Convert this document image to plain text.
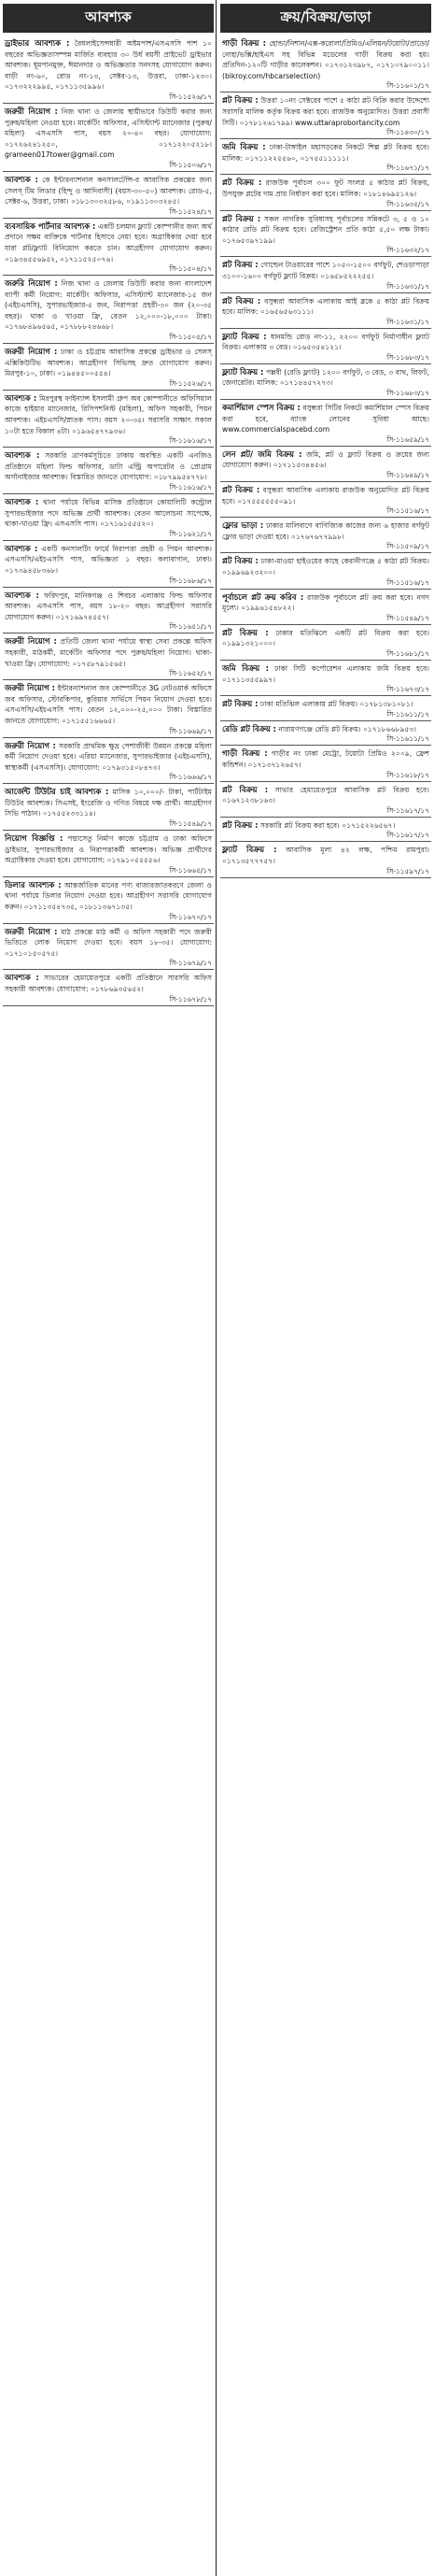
আবশ্যক
ড্রাইভার আবশ্যক : বৈধলাইসেন্সধারী অষ্টমপাশ/এসএসসি পাশ ১০ বছরের অভিজ্ঞতাসম্পন্ন মার্জিত ব্যবহার ৩০ উর্ধ বয়সী প্রাইভেট ড্রাইভার আবশ্যক। ধূমপানমুক্ত, ঈমানদার ও অভিজ্ঞতার সনদসহ যোগাযোগ করুন। বাড়ী নং-৬০, রোড নং-১৩, সেক্টর-১৩, উত্তরা, ঢাকা-১২৩০। ০১৭৩২২২৯৯৫, ০১৭১১৩৫৯৯৬।
সি-১১৫২৬/১৭
জরুরী নিয়োগ : নিজ থানা ও জেলায় স্থায়ীভাবে ডিউটি করার জন্য পুরুষ/মহিলা নেওয়া হবে। মার্কেটিং অফিসার, এসিস্ট্যান্ট ম্যানেজার (পুরুষ/মহিলা) এসএসসি পাস, বয়স ২০-৪০ বছর। যোগাযোগ: ০১৭২৬২৪১২৫০, ০১৭১২২০৫২১৮। grameen017tower@gmail.com
সি-১১৫০৬/১৭
আবশ্যক : কে ইন্টারন্যাশনাল কনসালটেন্সি-র আবাসিক প্রকল্পের জন্য সেলস্ টিম লিডার (হিন্দু ও আদিবাসী) (বয়স-৩০-৫০) আবশ্যক। রোড-৫, সেক্টর-৬, উত্তরা, ঢাকা। ০১৮১৩০৩২৫৮৬, ০১৯১১৩০৩২৪৫।
সি-১১৫২৪/১৭
ব্যবসায়িক পার্টনার আবশ্যক : একটি চলমান ফ্ল্যাট কোম্পানীর জন্য অর্থ প্রদানে সক্ষম ব্যক্তিকে পার্টনার হিসাবে নেয়া হবে। অগ্রাধিকার দেয়া হবে যারা প্লট/ফ্ল্যাট বিনিয়োগ করতে চান। আগ্রহীগণ যোগাযোগ করুন। ০১৯৩৪৫৫৬৯৫২, ০১৭১১৫২৫০৭৬।
সি-১১৫০৪/১৭
জরুরি নিয়োগ : নিজ থানা ও জেলায় ডিউটি করার জন্য বাংলাদেশ ব্যাপী কর্মী নিয়োগ: মার্কেটিং অফিসার, এসিস্ট্যান্ট ম্যানেজার-১৫ জন (এইচএসসি), সুপারভাইজার-৫ জন, নিরাপত্তা প্রহরী-৩০ জন (২০-৩৫ বছর)। থাকা ও খাওয়া ফ্রি, বেতন ১২,০০০-১৮,০০০ টাকা। ০১৭৬৮৪৯৬৫৬৫, ০১৭৮৮৮২৪৬৬৮।
সি-১১৫০৫/১৭
জরুরী নিয়োগ : ঢাকা ও চট্টগ্রাম আবাসিক প্রকল্পে ড্রাইভার ও সেলস্ এক্সিকিউটিভ আবশ্যক। আগ্রহীগণ সিভিসহ দ্রুত যোগাযোগ করুন। মিরপুর-১০, ঢাকা। ০১৯৪৪৫০০৫৫৪।
সি-১১৫২৬/১৭
আবশ্যক : মিরপুরস্থ ফাইন্যান্স ইসলামী গ্রুপ অব কোম্পানীতে অফিসিয়াল কাজে হাইয়ার ম্যানেজার, রিসিপশনিস্ট (মহিলা), অফিস সহকারী, পিয়ন আবশ্যক। এইচএসসি/স্নাতক পাস। বয়স ২০-৩৫। সরাসরি সাক্ষাৎ সকাল ১০টা হতে বিকাল ৪টা। ০১৯৬৫৪৭৭৯৩৬।
সি-১১৬১৬/১৭
আবশ্যক : সরকারি ত্রাণকর্মসূচিতে ঢাকায় অবস্থিত একটি এনজিও প্রতিষ্ঠানে মহিলা ফিল্ড অফিসার, ডাটা এন্ট্রি অপারেটর ও প্রোগ্রাম অর্গানাইজার আবশ্যক। বিস্তারিত জানতে যোগাযোগ: ০১৮৭৯৯৫৪৭৭৮।
সি-১১৬১৬/১৭
আবশ্যক : থানা পর্যায়ে বিভিন্ন মাসিক প্রতিষ্ঠানে কোয়ালিটি কন্ট্রোল সুপারভাইজার পদে অভিজ্ঞ প্রার্থী আবশ্যক। বেতন আলোচনা সাপেক্ষে, থাকা-খাওয়া ফ্রি। এসএসসি পাস। ০১৭১৬১৫৫৫২০।
সি-১১৬২১/১৭
আবশ্যক : একটি কনসালটিং ফার্মে নিরাপত্তা প্রহরী ও পিয়ন আবশ্যক। এসএসসি/এইচএসসি পাস, অভিজ্ঞতা ১ বছর। কলাবাগান, ঢাকা। ০১৭৩৯৪৫৮৩৬৮।
সি-১১৬৮৬/১৭
আবশ্যক : ফরিদপুর, মানিকগঞ্জ ও শিবচর এলাকায় ফিল্ড অফিসার আবশ্যক। এসএসসি পাস, বয়স ১৮-২০ বছর। আগ্রহীগণ সরাসরি যোগাযোগ করুন। ০১৭১৬৯৭৪৫৫৭।
সি-১১৬৫১/১৭
জরুরী নিয়োগ : প্রতিটি জেলা থানা পর্যায়ে স্বাস্থ্য সেবা প্রকল্পে অফিস সহকারী, মাঠকর্মী, মার্কেটিং অফিসার পদে পুরুষ/মহিলা নিয়োগ। থাকা-খাওয়া ফ্রি। যোগাযোগ: ০১৭৫৮৭৯১৫৬৫।
সি-১১৬৫২/১৭
জরুরী নিয়োগ : ইন্টারন্যাশনাল জব কোম্পানীতে 3G নেটওয়ার্ক অফিসে জব অফিসার, স্টোরকিপার, কুরিয়ার সার্ভিসে পিয়ন নিয়োগ দেওয়া হবে। এসএসসি/এইচএসসি পাস। বেতন ১২,০০০-২৫,০০০ টাকা। বিস্তারিত জানতে যোগাযোগ: ০১৭১৫৫১৬৬৬৫।
সি-১১৬৬৯/১৭
জরুরী নিয়োগ : সরকারি প্রাথমিক ক্ষুদ্র পেশাজীবী উন্নয়ন প্রকল্পে মহিলা কর্মী নিয়োগ দেওয়া হবে। এরিয়া ম্যানেজার, সুপারভাইজার (এইচএসসি), স্বাস্থ্যকর্মী (এসএসসি)। যোগাযোগ: ০১৭৯৩১৫০৮৪৭৩।
সি-১১৬৬৬/১৭
আর্জেন্ট টিউটর চাই আবশ্যক : মাসিক ১০,০০০/- টাকা, পার্টটাইম টিউটর আবশ্যক। সিএসই, ইংরেজি ও গণিত বিষয়ে দক্ষ প্রার্থী। আগ্রহীগণ সিভি পাঠান। ০১৭৫৫২৩৩১১৪।
সি-১১৫৪৯/১৭
নিয়োগ বিজ্ঞপ্তি : পদ্মাসেতু নির্মাণ কাজে চট্টগ্রাম ও ঢাকা অফিসে ড্রাইভার, সুপারভাইজার ও নিরাপত্তাকর্মী আবশ্যক। অভিজ্ঞ প্রার্থীদের অগ্রাধিকার দেওয়া হবে। যোগাযোগ: ০১৭৯১০৫৫৫৫৬।
সি-১১৬৬৫/১৭
ডিলার আবশ্যক : আন্তর্জাতিক মানের পণ্য বাজারজাতকরণে জেলা ও থানা পর্যায়ে ডিলার নিয়োগ দেওয়া হবে। আগ্রহীগণ সরাসরি যোগাযোগ করুন। ০১৭১১৩৫৪৭৩৫, ০১৮১১৩৬৭১৩৫।
সি-১১৬৭০/১৭
জরুরী নিয়োগ : মাঠ প্রকল্পে মাঠ কর্মী ও অফিস সহকারী পদে জরুরী ভিত্তিতে লোক নিয়োগ দেওয়া হবে। বয়স ১৮-৩৫। যোগাযোগ: ০১৭১০১৫০৫৭৫।
সি-১১৬৭৯/১৭
আবশ্যক : সাভারের হেমায়েতপুরে একটি প্রতিষ্ঠানে সারসরি অফিস সহকারী আবশ্যক। যোগাযোগ: ০১৭৮৬৯৩৫৬৫২।
সি-১১৬৭৮/১৭
ক্রয়/বিক্রয়/ভাড়া
গাড়ী বিক্রয় : হোন্ডা/নিশান/এক্স-করোলা/প্রিমিও/এলিয়ন/টয়োটা/প্রাডো/নোহা/ভক্সি/হাইএস সহ বিভিন্ন মডেলের গাড়ী বিক্রয় করা হয়। প্রতিদিন-১২০টি গাড়ীর কালেকশন। ০১৭৩১২৩৯৮৭, ০১৭১০৭৯০০১১। (bikroy.com/hbcarselection)
সি-১১৬০১/১৭
প্লট বিক্রয় : উত্তরা ১০নং সেক্টরের পাশে ৫ কাঠা প্লট বিক্রি করার উদ্দেশ্যে সরাসরি মালিক কর্তৃক বিক্রয় করা হবে। রাজউক অনুমোদিত। উত্তরা প্রবাসী সিটি। ০১৭৮১২৬১৭৯৯। www.uttaraprobortancity.com
সি-১১৪৩০/১৭
জমি বিক্রয় : ঢাকা-টাঙ্গাইল মহাসড়কের নিকটে শিল্প প্লট বিক্রয় হবে। মালিক: ০১৭১১২২৫৫৬০, ০১৭৫৫১১১১১।
সি-১১৬৭১/১৭
প্লট বিক্রয় : রাজউক পূর্বাচল ৩০০ ফুট সংলগ্ন ৫ কাঠার প্লট বিক্রয়, উপযুক্ত প্লটের দাম প্রায় নির্ধারণ করা হবে। মালিক: ০১৮১৪৬৯৫১২৬।
সি-১১৬৩৫/১৭
প্লট বিক্রয় : সকল নাগরিক সুবিধাসহ পূর্বাচলের সন্নিকটে ৩, ৫ ও ১০ কাঠার রেডি প্লট বিক্রয় হবে। রেজিস্ট্রেশন প্রতি কাঠা ৫,৫০ লক্ষ টাকা। ০১৭৬৫৩৯৭১৯৯।
সি-১১৬৩২/১৭
প্লট বিক্রয় : গোল্ডেন টাওয়ারের পাশে ১০৫০-১৫০০ বর্গফুট, শেওড়াপাড়া ৩১০০-১৬০০ বর্গফুট ফ্ল্যাট বিক্রয়। ০১৬৫৮৫২২২৫৫।
সি-১১৬৩১/১৭
প্লট বিক্রয় : বসুন্ধরা আবাসিক এলাকায় আই ব্লকে ৫ কাঠা প্লট বিক্রয় হবে। মালিক: ০১৬৫৬৫৬৩১১১।
সি-১১৬৩১/১৭
ফ্ল্যাট বিক্রয় : ধানমন্ডি রোড নং-১১, ২২০০ বর্গফুট নির্মাণাধীন ফ্ল্যাট বিক্রয়। এলাকায় ৩ বেড। ০১৬৫৩৫৪১২১।
সি-১১৬৮৩/১৭
ফ্ল্যাট বিক্রয় : পল্লবী (রেডি ফ্ল্যাট) ১২০০ বর্গফুট, ৩ বেড, ৩ বাথ, লিফট, জেনারেটর। মালিক: ০১৭১৪৪৫৭২৭৩।
সি-১১৬৮৩/১৭
কমার্শিয়াল স্পেস বিক্রয় : বসুন্ধরা সিটির নিকটে কমার্শিয়াল স্পেস বিক্রয় করা হবে, ব্যাংক লোনের সুবিধা আছে। www.commercialspacebd.com
সি-১১৬৫৯/১৭
লেন প্লট/ জমি বিক্রয় : জমি, প্লট ও ফ্ল্যাট বিক্রয় ও ক্রয়ের জন্য যোগাযোগ করুন। ০১৭১১৫৩৪৪৫৬।
সি-১১৬৪৯/১৭
প্লট বিক্রয় : বসুন্ধরা আবাসিক এলাকায় রাজউক অনুমোদিত প্লট বিক্রয় হবে। ০১৭৫৫৫৫৫৫০৯১।
সি-১১৫১৬/১৭
ফ্লোর ভাড়া : ঢাকার মালিবাগে বাণিজ্যিক কাজের জন্য ৬ হাজার বর্গফুট ফ্লোর ভাড়া দেওয়া হবে। ০১৭৬৭৬৭৭৯৯৮।
সি-১১৫০৯/১৭
প্লট বিক্রয় : ঢাকা-মাওয়া হাইওয়ের কাছে কেরানীগঞ্জে ৫ কাঠা প্লট বিক্রয়। ০১৯৯৬৯২৩২০০।
সি-১১৫১৬/১৭
পূর্বাচলে প্লট ক্রয় করিব : রাজউক পূর্বাচলে প্লট ক্রয় করা হবে। নগদ মূল্যে। ০১৯৯৬১৫৪৮২২।
সি-১১৫৪৯/১৭
প্লট বিক্রয় : ঢাকার মতিঝিলে একটি প্লট বিক্রয় করা হবে। ০১৯৯১৩২১০০০।
সি-১১৬৮১/১৭
জমি বিক্রয় : ঢাকা সিটি কর্পোরেশন এলাকায় জমি বিক্রয় হবে। ০১৭১১৩৫৫৯৯৭।
সি-১১৬৭৩/১৭
প্লট বিক্রয় : ঢাকা মতিঝিল এলাকায় প্লট বিক্রয়। ০১৭৮১৩৮১০৮১।
সি-১১৬১১/১৭
রেডি প্লট বিক্রয় : নারায়ণগঞ্জে রেডি প্লট বিক্রয়। ০১৭১৮৬৬৮৯৫৩।
সি-১১৬১১/১৭
গাড়ী বিক্রয় : গাড়ীর নং ঢাকা মেট্রো, টয়োটা প্রিমিও ২০০৯, ফ্রেশ কন্ডিশন। ০১৭১৩৭১২৬৫৭।
সি-১১৬১৮/১৭
প্লট বিক্রয় : সাভার হেমায়েতপুরে আবাসিক প্লট বিক্রয় হবে। ০১৬৭১২৩৮১৬৩।
সি-১১৬১৭/১৭
প্লট বিক্রয় : সরকারি প্লট বিক্রয় করা হবে। ০১৭১৫২২৬৫৬৭।
সি-১১৬১৭/১৭
ফ্ল্যাট বিক্রয় : আবাসিক মূল্য ৪২ লক্ষ, পশ্চিম রামপুরা। ০১৭১৩৫৭৭৭৫৭।
সি-১১৫৯৭/১৭
